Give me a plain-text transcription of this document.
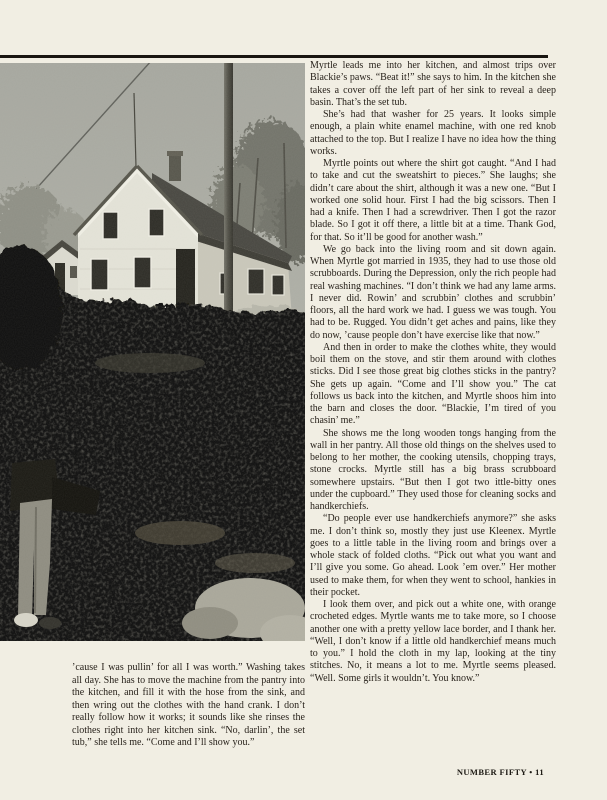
Myrtle leads me into her kitchen, and almost trips over Blackie’s paws. “Beat it!” she says to him. In the kitchen she takes a cover off the left part of her sink to reveal a deep basin. That’s the set tub.

She’s had that washer for 25 years. It looks simple enough, a plain white enamel machine, with one red knob attached to the top. But I realize I have no idea how the thing works.

Myrtle points out where the shirt got caught. “And I had to take and cut the sweatshirt to pieces.” She laughs; she didn’t care about the shirt, although it was a new one. “But I worked one solid hour. First I had the big scissors. Then I had a knife. Then I had a screwdriver. Then I got the razor blade. So I got it off there, a little bit at a time. Thank God, for that. So it’ll be good for another wash.”

We go back into the living room and sit down again. When Myrtle got married in 1935, they had to use those old scrubboards. During the Depression, only the rich people had real washing machines. “I don’t think we had any lame arms. I never did. Rowin’ and scrubbin’ clothes and scrubbin’ floors, all the hard work we had. I guess we was tough. You had to be. Rugged. You didn’t get aches and pains, like they do now, ’cause people don’t have exercise like that now.”

And then in order to make the clothes white, they would boil them on the stove, and stir them around with clothes sticks. Did I see those great big clothes sticks in the pantry? She gets up again. “Come and I’ll show you.” The cat follows us back into the kitchen, and Myrtle shoos him into the barn and closes the door. “Blackie, I’m tired of you chasin’ me.”

She shows me the long wooden tongs hanging from the wall in her pantry. All those old things on the shelves used to belong to her mother, the cooking utensils, chopping trays, stone crocks. Myrtle still has a big brass scrubboard somewhere upstairs. “But then I got two ittle-bitty ones under the cupboard.” They used those for cleaning socks and handkerchiefs.

“Do people ever use handkerchiefs anymore?” she asks me. I don’t think so, mostly they just use Kleenex. Myrtle goes to a little table in the living room and brings over a whole stack of folded cloths. “Pick out what you want and I’ll give you some. Go ahead. Look ’em over.” Her mother used to make them, for when they went to school, hankies in their pocket.

I look them over, and pick out a white one, with orange crocheted edges. Myrtle wants me to take more, so I choose another one with a pretty yellow lace border, and I thank her. “Well, I don’t know if a little old handkerchief means much to you.” I hold the cloth in my lap, looking at the tiny stitches. No, it means a lot to me. Myrtle seems pleased. “Well. Some girls it wouldn’t. You know.”

’cause I was pullin’ for all I was worth.” Washing takes all day. She has to move the machine from the pantry into the kitchen, and fill it with the hose from the sink, and then wring out the clothes with the hand crank. I don’t really follow how it works; it sounds like she rinses the clothes right into her kitchen sink. “No, darlin’, the set tub,” she tells me. “Come and I’ll show you.”

NUMBER FIFTY • 11
